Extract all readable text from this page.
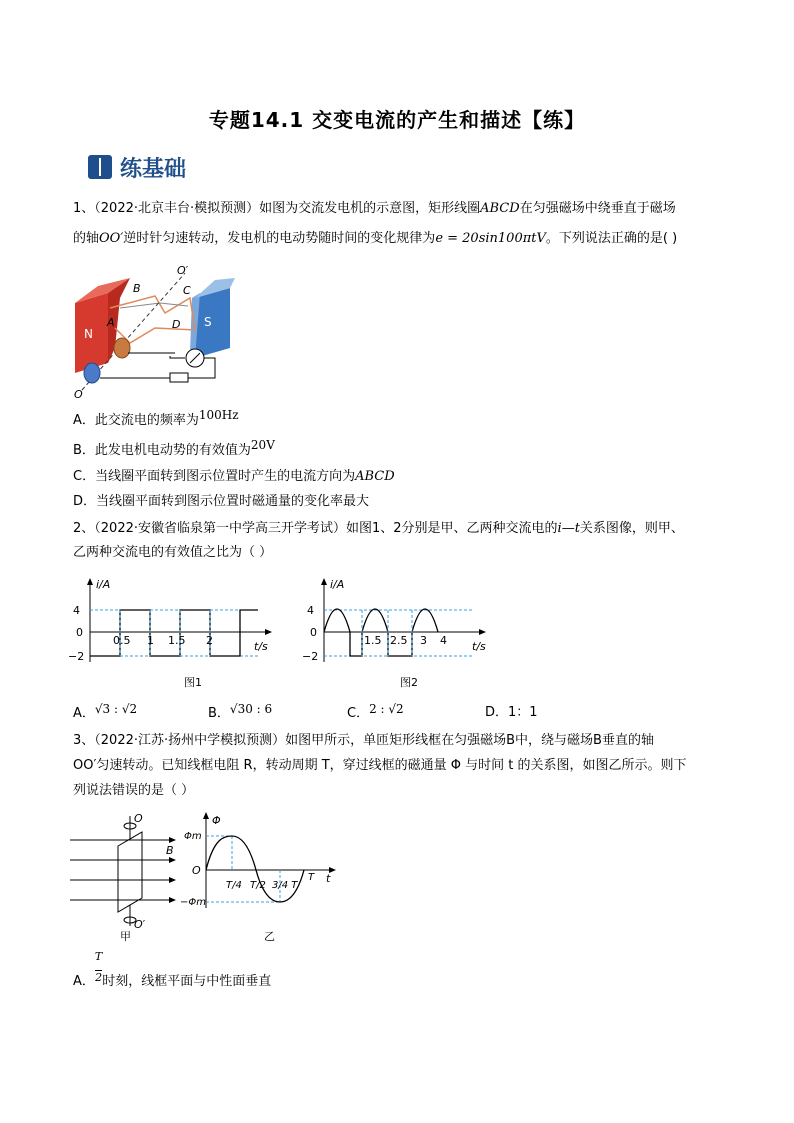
专题14.1 交变电流的产生和描述【练】
练基础
1、（2022·北京丰台·模拟预测）如图为交流发电机的示意图，矩形线圈ABCD在匀强磁场中绕垂直于磁场
的轴OO′逆时针匀速转动，发电机的电动势随时间的变化规律为e = 20sin100πtV。下列说法正确的是( )
N
S
O′
O
B	C
A	D
A．此交流电的频率为100Hz
B．此发电机电动势的有效值为20V
C．当线圈平面转到图示位置时产生的电流方向为ABCD
D．当线圈平面转到图示位置时磁通量的变化率最大
2、（2022·安徽省临泉第一中学高三开学考试）如图1、2分别是甲、乙两种交流电的i—t关系图像，则甲、
乙两种交流电的有效值之比为（ ）
i/A
t/s
4
0
−2
0.5 1 1.5 2
图1
i/A
t/s
4
0
−2
1.5 2.5 3 4
图2
A．√3 : √2	B．√30 : 6	C．2 : √2	D．1：1
3、（2022·江苏·扬州中学模拟预测）如图甲所示，单匝矩形线框在匀强磁场B中，绕与磁场B垂直的轴
OO′匀速转动。已知线框电阻 R，转动周期 T，穿过线框的磁通量 Φ 与时间 t 的关系图，如图乙所示。则下
列说法错误的是（ ）
O
O′
B
甲
Φ
t
Φm
−Φm
O
T/4 T/2 3/4 T
T
乙
A．
$\frac{T}{2}$
时刻，线框平面与中性面垂直
